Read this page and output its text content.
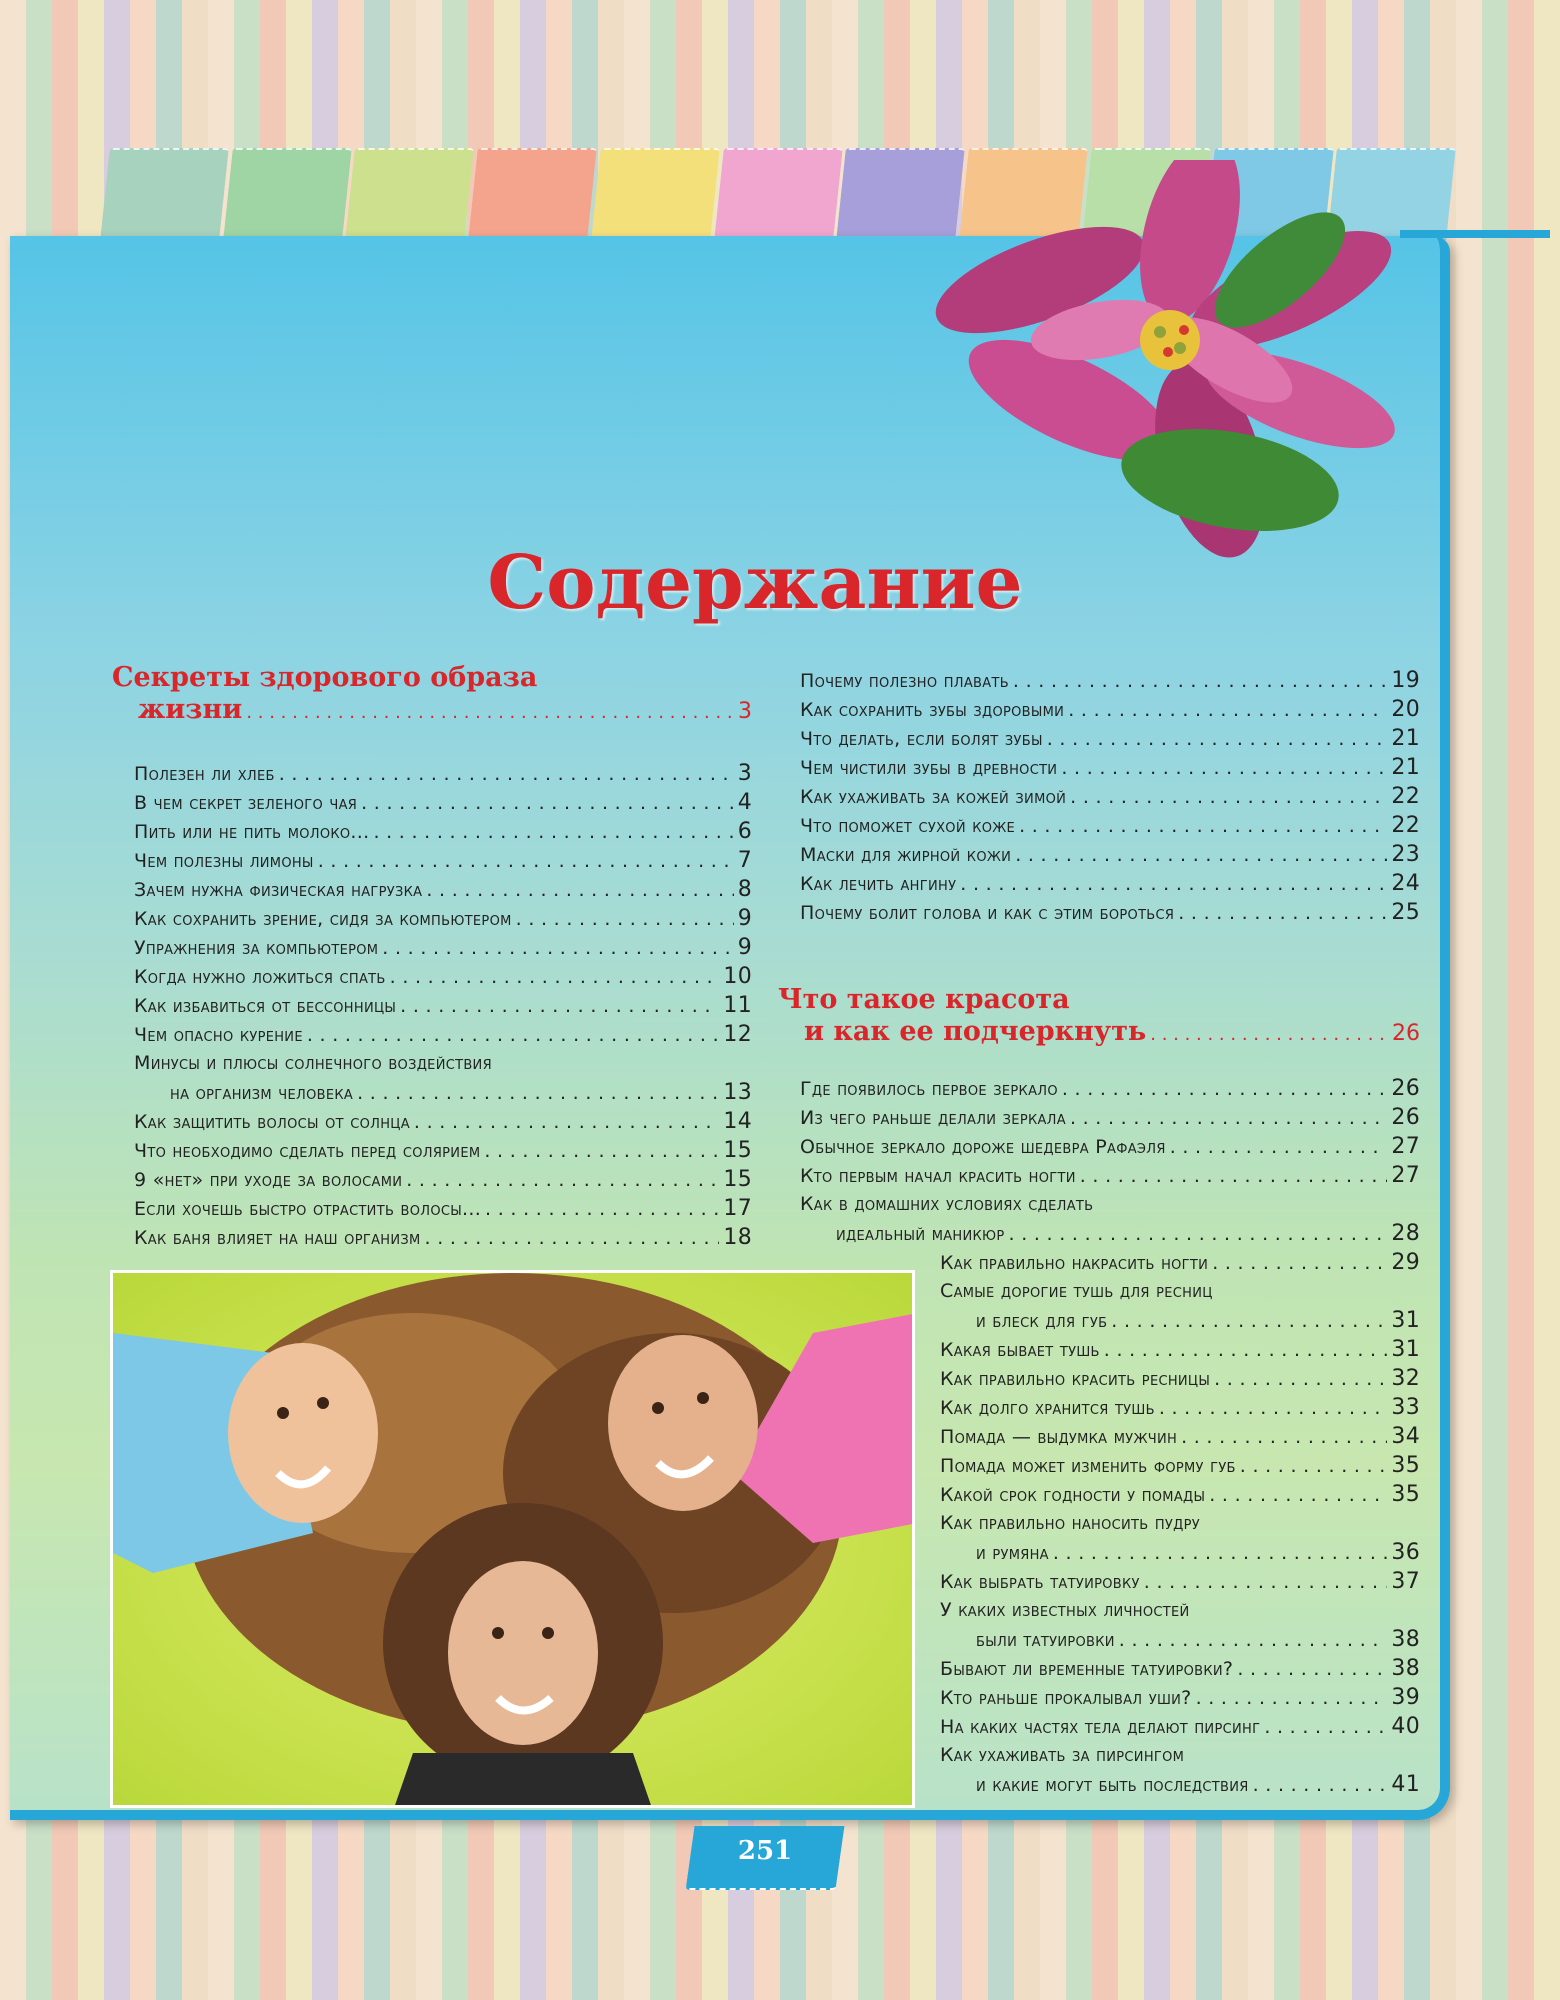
Содержание
Секреты здорового образа
жизни . . .	3
Полезен ли хлеб . . .	3
В чем секрет зеленого чая . . .	4
Пить или не пить молоко... . . .	6
Чем полезны лимоны . . .	7
Зачем нужна физическая нагрузка . . .	8
Как сохранить зрение, сидя за компьютером . . .	9
Упражнения за компьютером . . .	9
Когда нужно ложиться спать . . .	10
Как избавиться от бессонницы . . .	11
Чем опасно курение . . .	12
Минусы и плюсы солнечного воздействия
на организм человека . . .	13
Как защитить волосы от солнца . . .	14
Что необходимо сделать перед солярием . . .	15
9 «нет» при уходе за волосами . . .	15
Если хочешь быстро отрастить волосы... . . .	17
Как баня влияет на наш организм . . .	18
Почему полезно плавать . . .	19
Как сохранить зубы здоровыми . . .	20
Что делать, если болят зубы . . .	21
Чем чистили зубы в древности . . .	21
Как ухаживать за кожей зимой . . .	22
Что поможет сухой коже . . .	22
Маски для жирной кожи . . .	23
Как лечить ангину . . .	24
Почему болит голова и как с этим бороться . . .	25
Что такое красота
и как ее подчеркнуть . . .	26
Где появилось первое зеркало . . .	26
Из чего раньше делали зеркала . . .	26
Обычное зеркало дороже шедевра Рафаэля . . .	27
Кто первым начал красить ногти . . .	27
Как в домашних условиях сделать
идеальный маникюр . . .	28
Как правильно накрасить ногти . . .	29
Самые дорогие тушь для ресниц
и блеск для губ . . .	31
Какая бывает тушь . . .	31
Как правильно красить ресницы . . .	32
Как долго хранится тушь . . .	33
Помада — выдумка мужчин . . .	34
Помада может изменить форму губ . . .	35
Какой срок годности у помады . . .	35
Как правильно наносить пудру
и румяна . . .	36
Как выбрать татуировку . . .	37
У каких известных личностей
были татуировки . . .	38
Бывают ли временные татуировки? . . .	38
Кто раньше прокалывал уши? . . .	39
На каких частях тела делают пирсинг . . .	40
Как ухаживать за пирсингом
и какие могут быть последствия . . .	41
251
